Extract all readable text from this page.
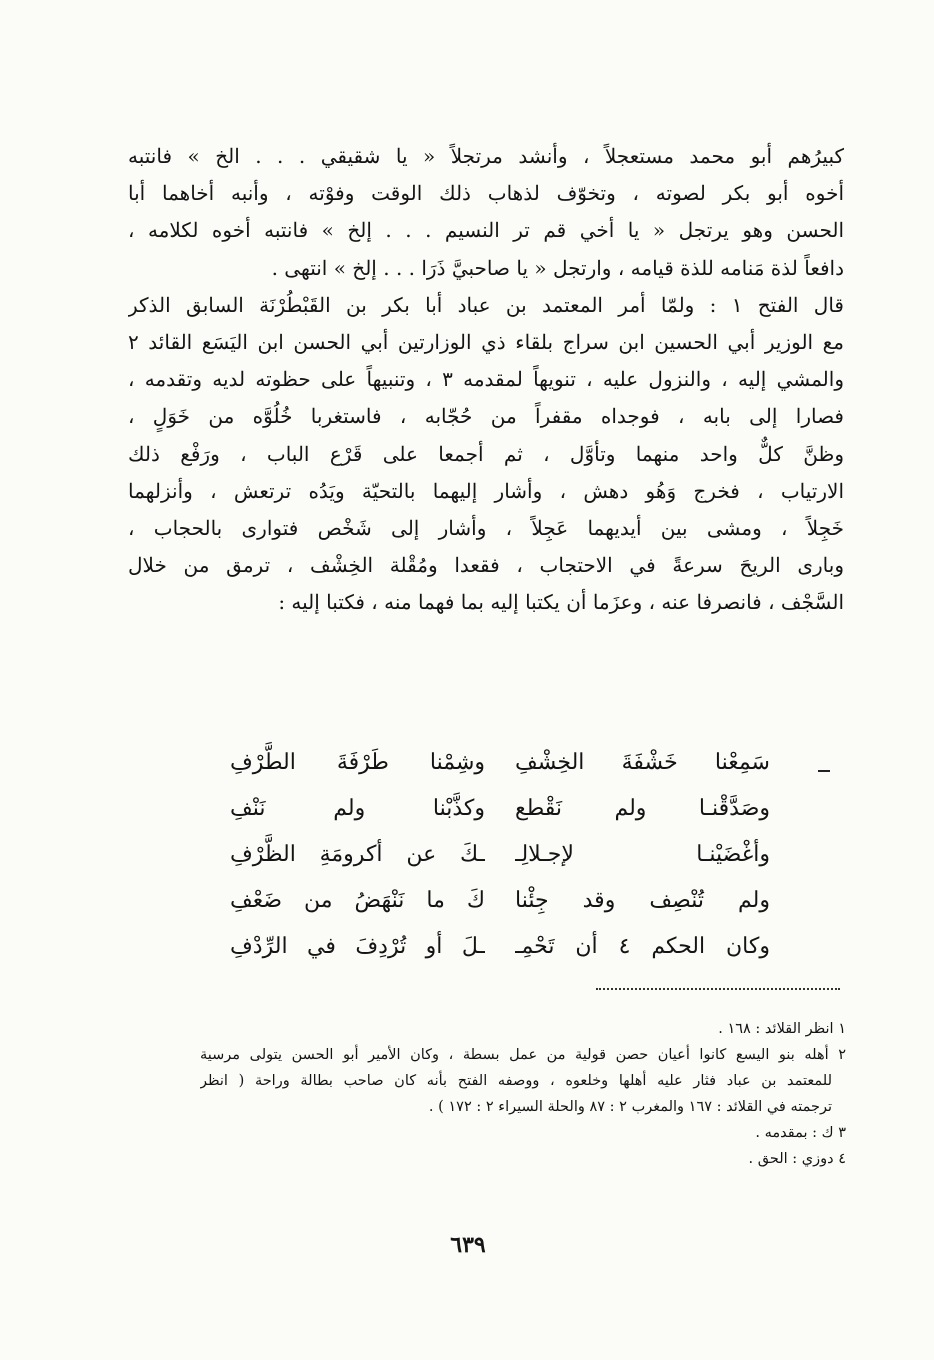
كبيرُهم أبو محمد مستعجلاً ، وأنشد مرتجلاً « يا شقيقي . . . الخ » فانتبه
أخوه أبو بكر لصوته ، وتخوّف لذهاب ذلك الوقت وفوْته ، وأنبه أخاهما أبا
الحسن وهو يرتجل « يا أخي قم تر النسيم . . . إلخ » فانتبه أخوه لكلامه ،
دافعاً لذة مَنامه للذة قيامه ، وارتجل « يا صاحبيَّ ذَرَا . . . إلخ » انتهى .
قال الفتح ١ : ولمّا أمر المعتمد بن عباد أبا بكر بن القَبْطُرْنَة السابق الذكر
مع الوزير أبي الحسين ابن سراج بلقاء ذي الوزارتين أبي الحسن ابن اليَسَع القائد ٢
والمشي إليه ، والنزول عليه ، تنويهاً لمقدمه ٣ ، وتنبيهاً على حظوته لديه وتقدمه ،
فصارا إلى بابه ، فوجداه مقفراً من حُجّابه ، فاستغربا خُلُوَّه من خَوَلٍ ،
وظنَّ كلٌّ واحد منهما وتأوَّل ، ثم أجمعا على قَرْع الباب ، ورَفْع ذلك
الارتياب ، فخرج وَهُو دهش ، وأشار إليهما بالتحيّة ويَدُه ترتعش ، وأنزلهما
خَجِلاً ، ومشى بين أيديهما عَجِلاً ، وأشار إلى شَخْص فتوارى بالحجاب ،
وبارى الريحَ سرعةً في الاحتجاب ، فقعدا ومُقْلة الخِشْف ، ترمق من خلال
السَّجْف ، فانصرفا عنه ، وعزَما أن يكتبا إليه بما فهما منه ، فكتبا إليه :
سَمِعْنا خَشْفَةَ الخِشْفِ
وشِمْنا طَرْفَةَ الطَّرْفِ
وصَدَّقْنـا ولم نَقْطع
وكذَّبْنا ولم نَنْفِ
وأغْضَيْنـا لإجـلالِـ
ـكَ عن أكرومَةِ الظَّرْفِ
ولم تُنْصِف وقد جِئْنا
كَ ما نَنْهَضُ من ضَعْفِ
وكان الحكم ٤ أن تَحْمِـ
ـلَ أو تُرْدِفَ في الرِّدْفِ
١ انظر القلائد : ١٦٨ .
٢ أهله بنو اليسع كانوا أعيان حصن قولية من عمل بسطة ، وكان الأمير أبو الحسن يتولى مرسية
للمعتمد بن عباد فثار عليه أهلها وخلعوه ، ووصفه الفتح بأنه كان صاحب بطالة وراحة ( انظر
ترجمته في القلائد : ١٦٧ والمغرب ٢ : ٨٧ والحلة السيراء ٢ : ١٧٢ ) .
٣ ك : بمقدمه .
٤ دوزي : الحق .
٦٣٩
